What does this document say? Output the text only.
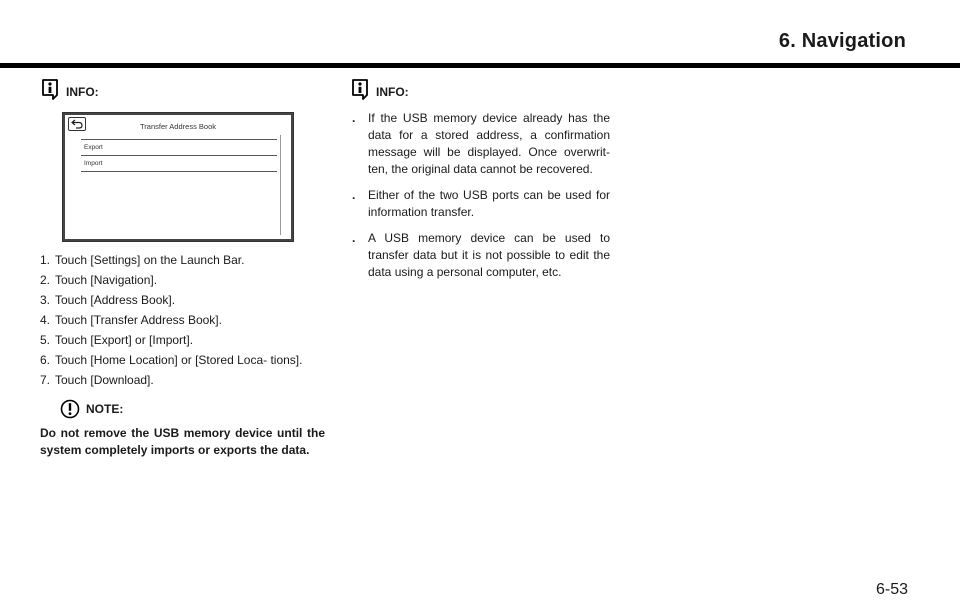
6. Navigation
INFO:
Transfer Address Book
Export
Import
1. Touch [Settings] on the Launch Bar.
2. Touch [Navigation].
3. Touch [Address Book].
4. Touch [Transfer Address Book].
5. Touch [Export] or [Import].
6. Touch [Home Location] or [Stored Loca- tions].
7. Touch [Download].
NOTE:
Do not remove the USB memory device until the system completely imports or exports the data.
INFO:
. If the USB memory device already has the data for a stored address, a confirmation message will be displayed. Once overwrit- ten, the original data cannot be recovered.
. Either of the two USB ports can be used for information transfer.
. A USB memory device can be used to transfer data but it is not possible to edit the data using a personal computer, etc.
6-53
